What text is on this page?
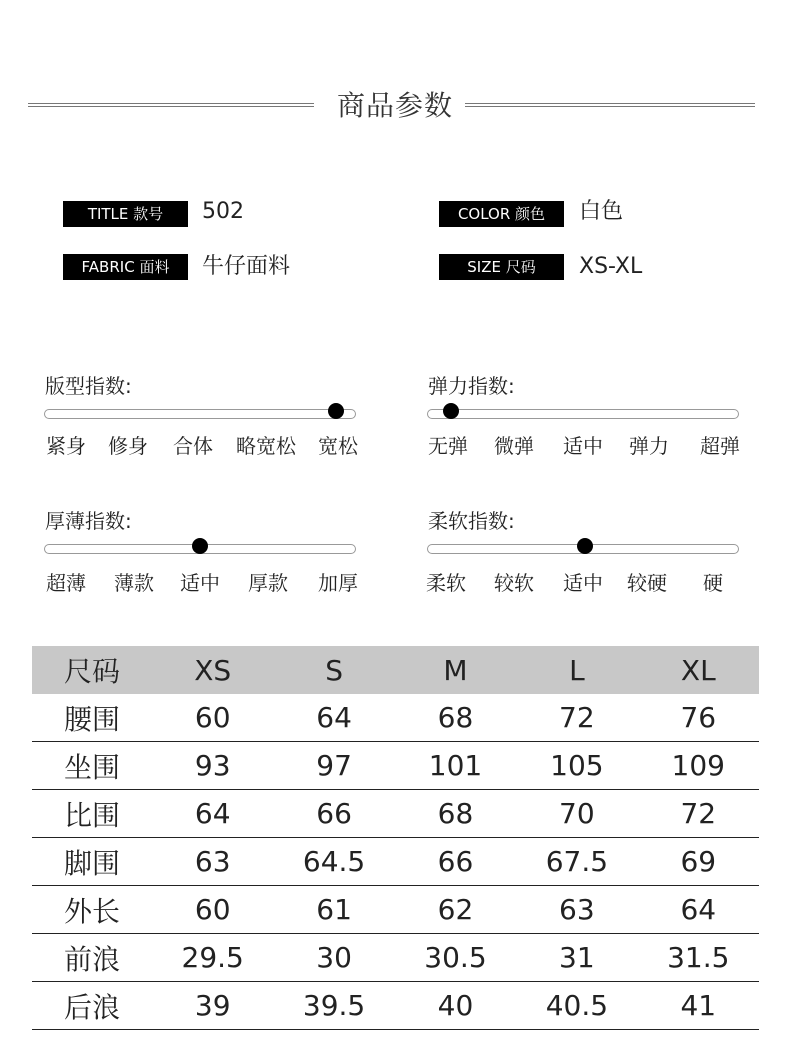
商品参数
TITLE 款号	502	COLOR 颜色	白色
FABRIC 面料	牛仔面料	SIZE 尺码	XS-XL
版型指数:
紧身 修身 合体 略宽松 宽松
弹力指数:
无弹 微弹 适中 弹力 超弹
厚薄指数:
超薄 薄款 适中 厚款 加厚
柔软指数:
柔软 较软 适中 较硬 硬
尺码	XS	S	M	L	XL
腰围	60	64	68	72	76
坐围	93	97	101	105	109
比围	64	66	68	70	72
脚围	63	64.5	66	67.5	69
外长	60	61	62	63	64
前浪	29.5	30	30.5	31	31.5
后浪	39	39.5	40	40.5	41
